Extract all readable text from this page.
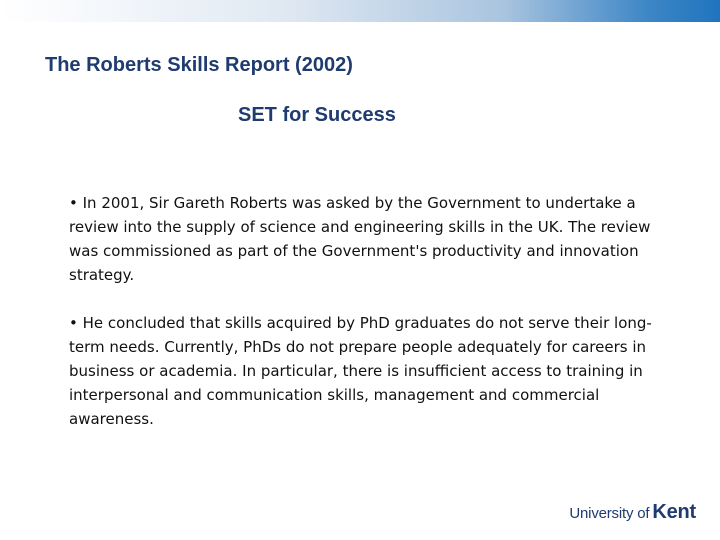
The Roberts Skills Report (2002)
SET for Success

• In 2001, Sir Gareth Roberts was asked by the Government to undertake a review into the supply of science and engineering skills in the UK. The review was commissioned as part of the Government's productivity and innovation strategy.

• He concluded that skills acquired by PhD graduates do not serve their long-term needs. Currently, PhDs do not prepare people adequately for careers in business or academia. In particular, there is insufficient access to training in interpersonal and communication skills, management and commercial awareness.

University of Kent
